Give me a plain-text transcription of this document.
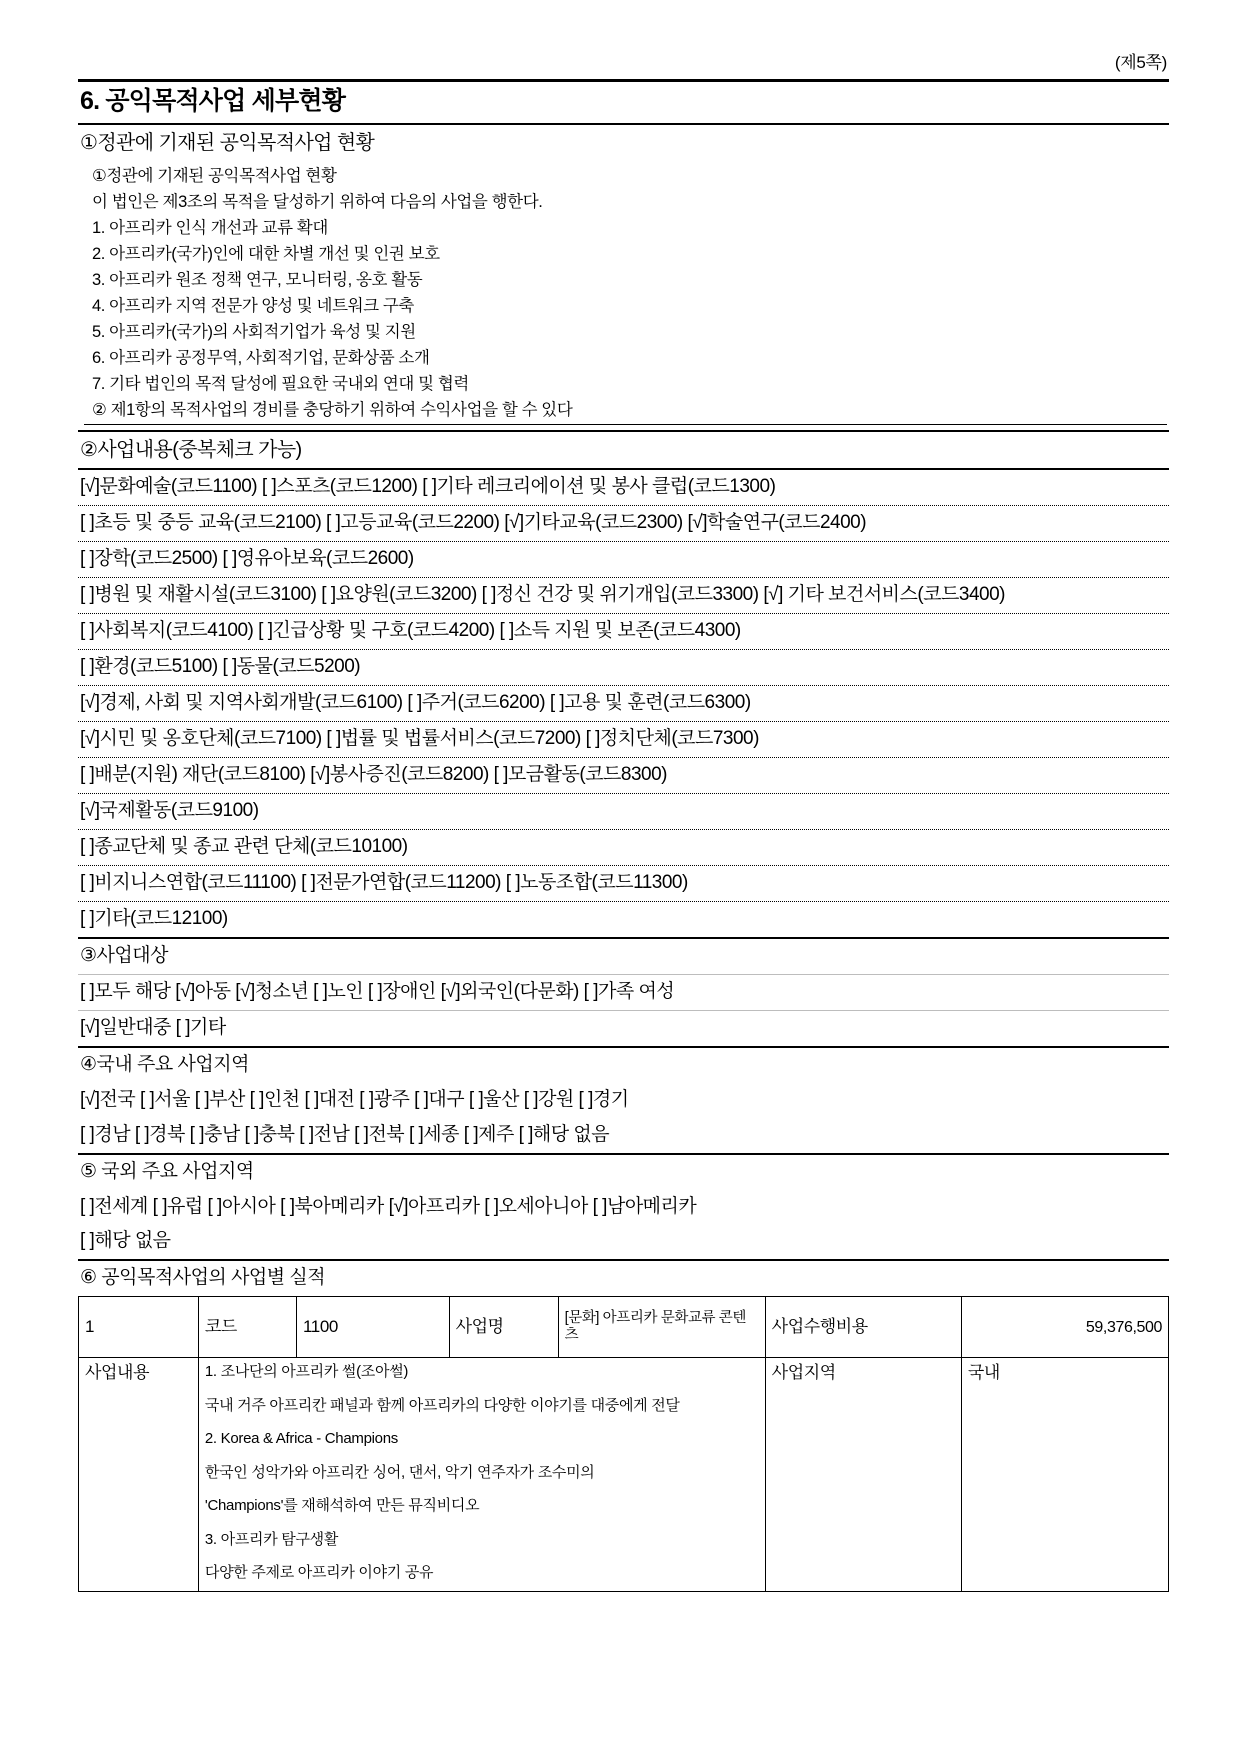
(제5쪽)
6. 공익목적사업 세부현황
①정관에 기재된 공익목적사업 현황
①정관에 기재된 공익목적사업 현황
이 법인은 제3조의 목적을 달성하기 위하여 다음의 사업을 행한다.
1. 아프리카 인식 개선과 교류 확대
2. 아프리카(국가)인에 대한 차별 개선 및 인권 보호
3. 아프리카 원조 정책 연구, 모니터링, 옹호 활동
4. 아프리카 지역 전문가 양성 및 네트워크 구축
5. 아프리카(국가)의 사회적기업가 육성 및 지원
6. 아프리카 공정무역, 사회적기업, 문화상품 소개
7. 기타 법인의 목적 달성에 필요한 국내외 연대 및 협력
② 제1항의 목적사업의 경비를 충당하기 위하여 수익사업을 할 수 있다
②사업내용(중복체크 가능)
[√]문화예술(코드1100) [ ]스포츠(코드1200) [ ]기타 레크리에이션 및 봉사 클럽(코드1300)
[ ]초등 및 중등 교육(코드2100) [ ]고등교육(코드2200) [√]기타교육(코드2300) [√]학술연구(코드2400)
[ ]장학(코드2500) [ ]영유아보육(코드2600)
[ ]병원 및 재활시설(코드3100) [ ]요양원(코드3200) [ ]정신 건강 및 위기개입(코드3300) [√] 기타 보건서비스(코드3400)
[ ]사회복지(코드4100) [ ]긴급상황 및 구호(코드4200) [ ]소득 지원 및 보존(코드4300)
[ ]환경(코드5100) [ ]동물(코드5200)
[√]경제, 사회 및 지역사회개발(코드6100) [ ]주거(코드6200) [ ]고용 및 훈련(코드6300)
[√]시민 및 옹호단체(코드7100) [ ]법률 및 법률서비스(코드7200) [ ]정치단체(코드7300)
[ ]배분(지원) 재단(코드8100) [√]봉사증진(코드8200) [ ]모금활동(코드8300)
[√]국제활동(코드9100)
[ ]종교단체 및 종교 관련 단체(코드10100)
[ ]비지니스연합(코드11100) [ ]전문가연합(코드11200) [ ]노동조합(코드11300)
[ ]기타(코드12100)
③사업대상
[ ]모두 해당 [√]아동 [√]청소년 [ ]노인 [ ]장애인 [√]외국인(다문화) [ ]가족 여성
[√]일반대중 [ ]기타
④국내 주요 사업지역
[√]전국 [ ]서울 [ ]부산 [ ]인천 [ ]대전 [ ]광주 [ ]대구 [ ]울산 [ ]강원 [ ]경기
[ ]경남 [ ]경북 [ ]충남 [ ]충북 [ ]전남 [ ]전북 [ ]세종 [ ]제주 [ ]해당 없음
⑤ 국외 주요 사업지역
[ ]전세계 [ ]유럽 [ ]아시아 [ ]북아메리카 [√]아프리카 [ ]오세아니아 [ ]남아메리카
[ ]해당 없음
⑥ 공익목적사업의 사업별 실적
1	코드	1100	사업명	[문화] 아프리카 문화교류 콘텐츠	사업수행비용	59,376,500
사업내용	1. 조나단의 아프리카 썰(조아썰)

국내 거주 아프리칸 패널과 함께 아프리카의 다양한 이야기를 대중에게 전달

2. Korea & Africa - Champions

한국인 성악가와 아프리칸 싱어, 댄서, 악기 연주자가 조수미의

'Champions'를 재해석하여 만든 뮤직비디오

3. 아프리카 탐구생활

다양한 주제로 아프리카 이야기 공유

	사업지역	국내
